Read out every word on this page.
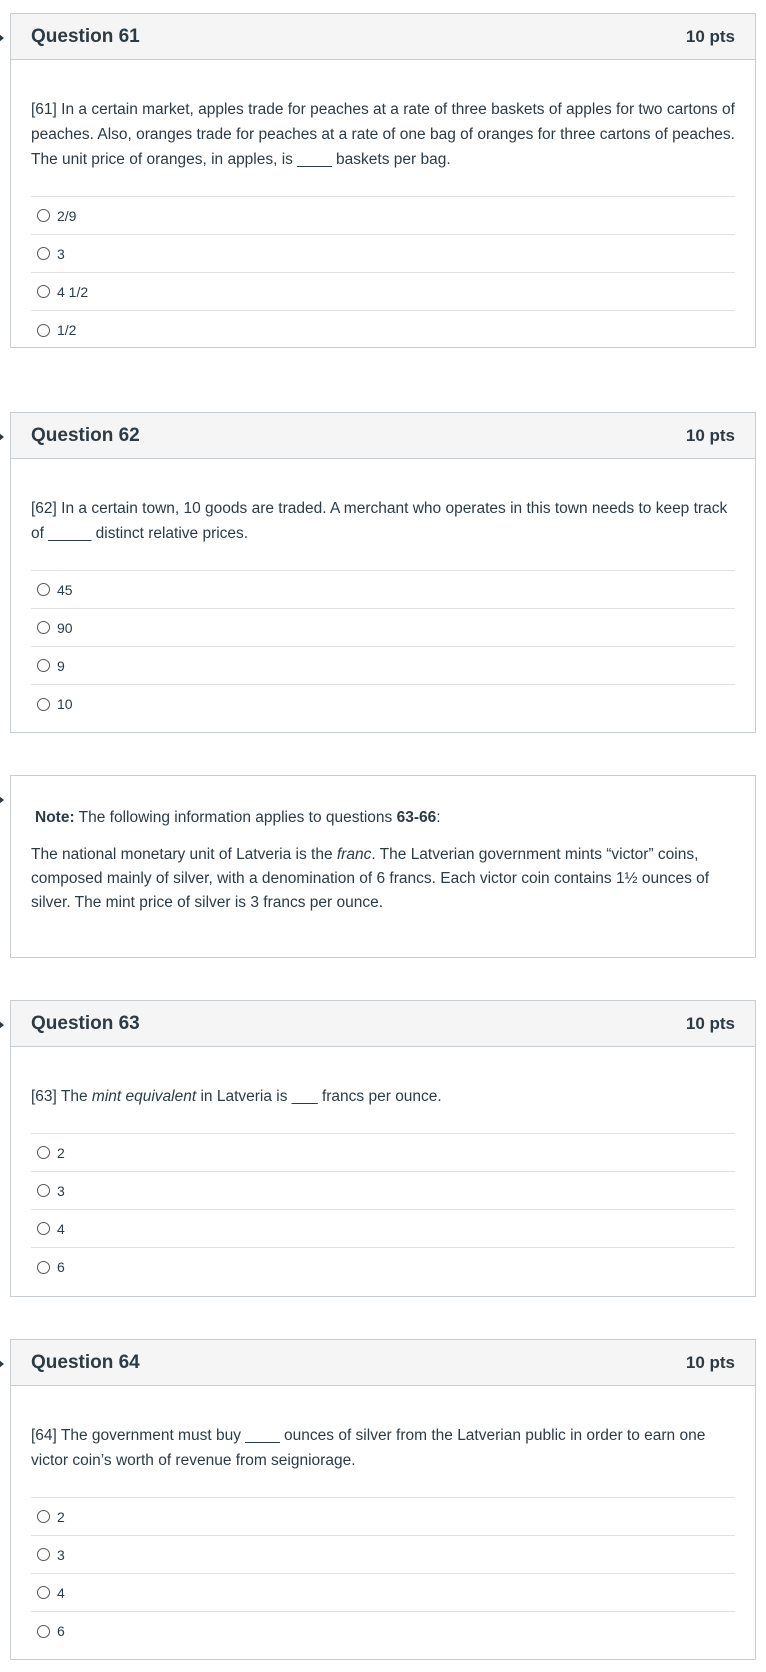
Question 61	10 pts
[61] In a certain market, apples trade for peaches at a rate of three baskets of apples for two cartons of peaches. Also, oranges trade for peaches at a rate of one bag of oranges for three cartons of peaches. The unit price of oranges, in apples, is ____ baskets per bag.
2/9
3
4 1/2
1/2
Question 62	10 pts
[62] In a certain town, 10 goods are traded. A merchant who operates in this town needs to keep track of _____ distinct relative prices.
45
90
9
10
Note: The following information applies to questions 63-66:
The national monetary unit of Latveria is the franc. The Latverian government mints “victor” coins, composed mainly of silver, with a denomination of 6 francs. Each victor coin contains 1½ ounces of silver. The mint price of silver is 3 francs per ounce.
Question 63	10 pts
[63] The mint equivalent in Latveria is ___ francs per ounce.
2
3
4
6
Question 64	10 pts
[64] The government must buy ____ ounces of silver from the Latverian public in order to earn one victor coin’s worth of revenue from seigniorage.
2
3
4
6
